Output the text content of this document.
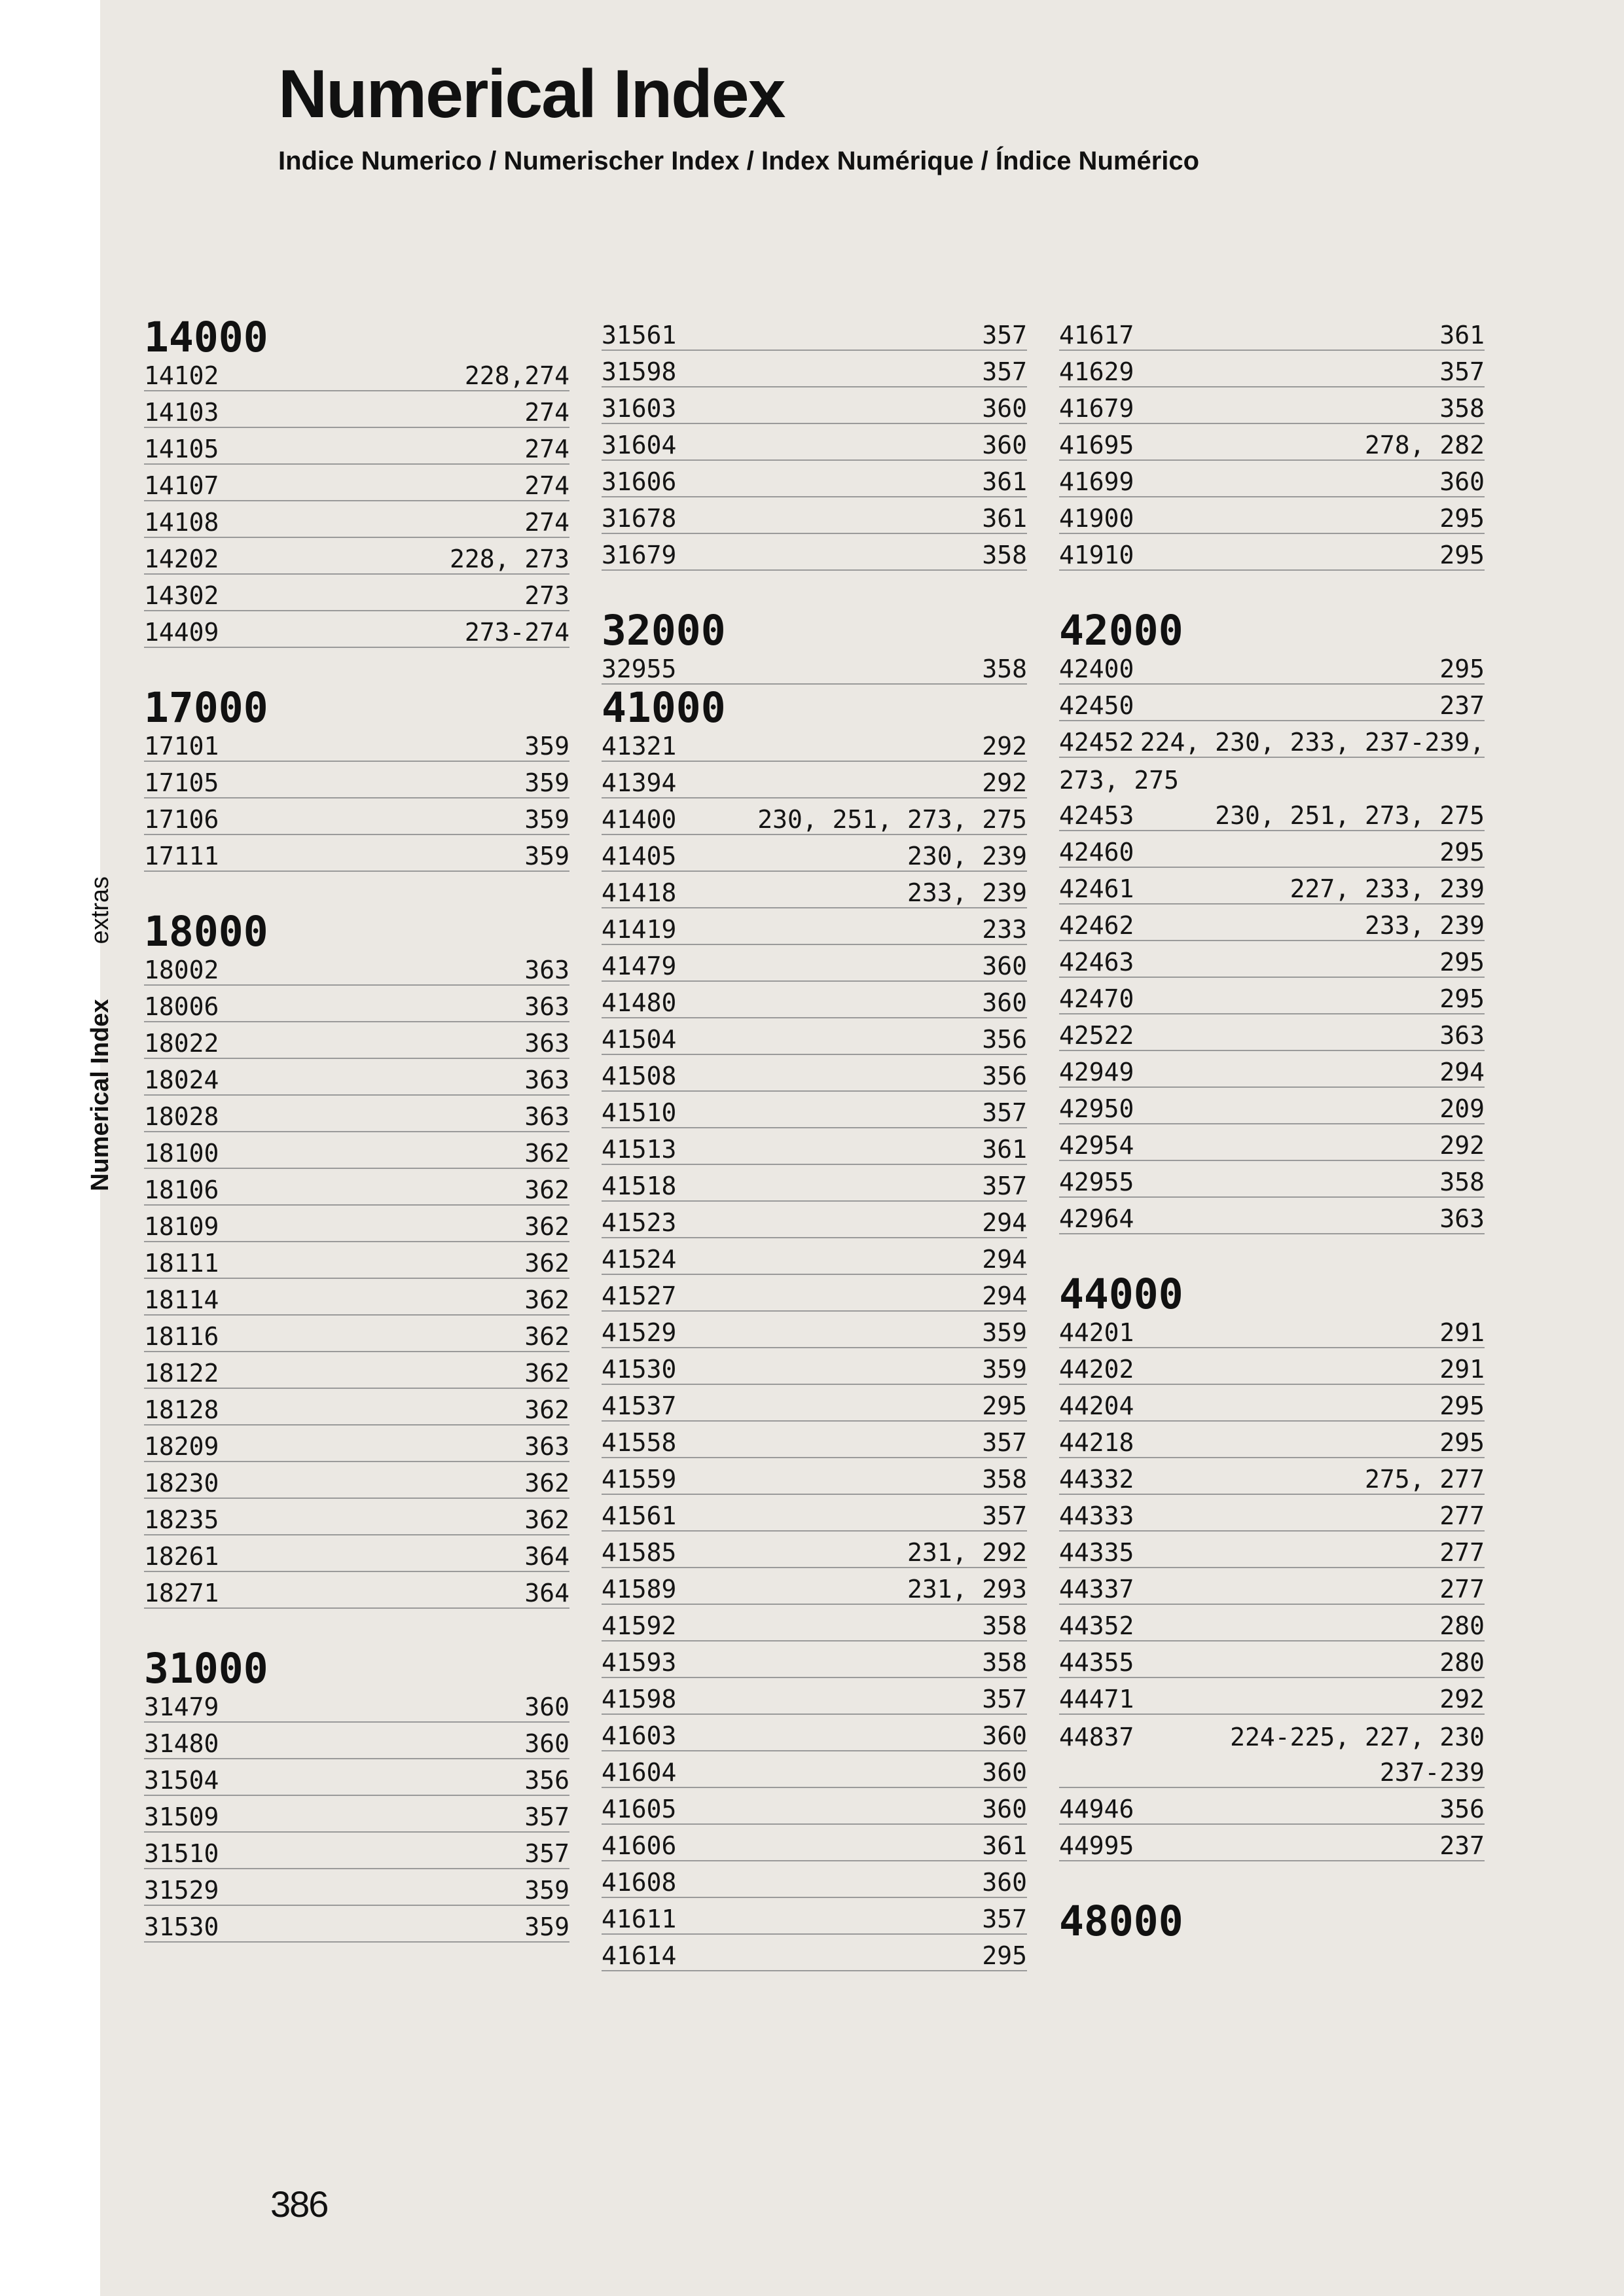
Numerical Index
Indice Numerico / Numerischer Index / Index Numérique / Índice Numérico
Numerical Indexextras
14000
14102	228,274
14103	274
14105	274
14107	274
14108	274
14202	228, 273
14302	273
14409	273-274
17000
17101	359
17105	359
17106	359
17111	359
18000
18002	363
18006	363
18022	363
18024	363
18028	363
18100	362
18106	362
18109	362
18111	362
18114	362
18116	362
18122	362
18128	362
18209	363
18230	362
18235	362
18261	364
18271	364
31000
31479	360
31480	360
31504	356
31509	357
31510	357
31529	359
31530	359
31561	357
31598	357
31603	360
31604	360
31606	361
31678	361
31679	358
32000
32955	358
41000
41321	292
41394	292
41400	230, 251, 273, 275
41405	230, 239
41418	233, 239
41419	233
41479	360
41480	360
41504	356
41508	356
41510	357
41513	361
41518	357
41523	294
41524	294
41527	294
41529	359
41530	359
41537	295
41558	357
41559	358
41561	357
41585	231, 292
41589	231, 293
41592	358
41593	358
41598	357
41603	360
41604	360
41605	360
41606	361
41608	360
41611	357
41614	295
41617	361
41629	357
41679	358
41695	278, 282
41699	360
41900	295
41910	295
42000
42400	295
42450	237
42452 224, 230, 233, 237-239,
273, 275
42453	230, 251, 273, 275
42460	295
42461	227, 233, 239
42462	233, 239
42463	295
42470	295
42522	363
42949	294
42950	209
42954	292
42955	358
42964	363
44000
44201	291
44202	291
44204	295
44218	295
44332	275, 277
44333	277
44335	277
44337	277
44352	280
44355	280
44471	292
44837	224-225, 227, 230
237-239
44946	356
44995	237
48000
386
